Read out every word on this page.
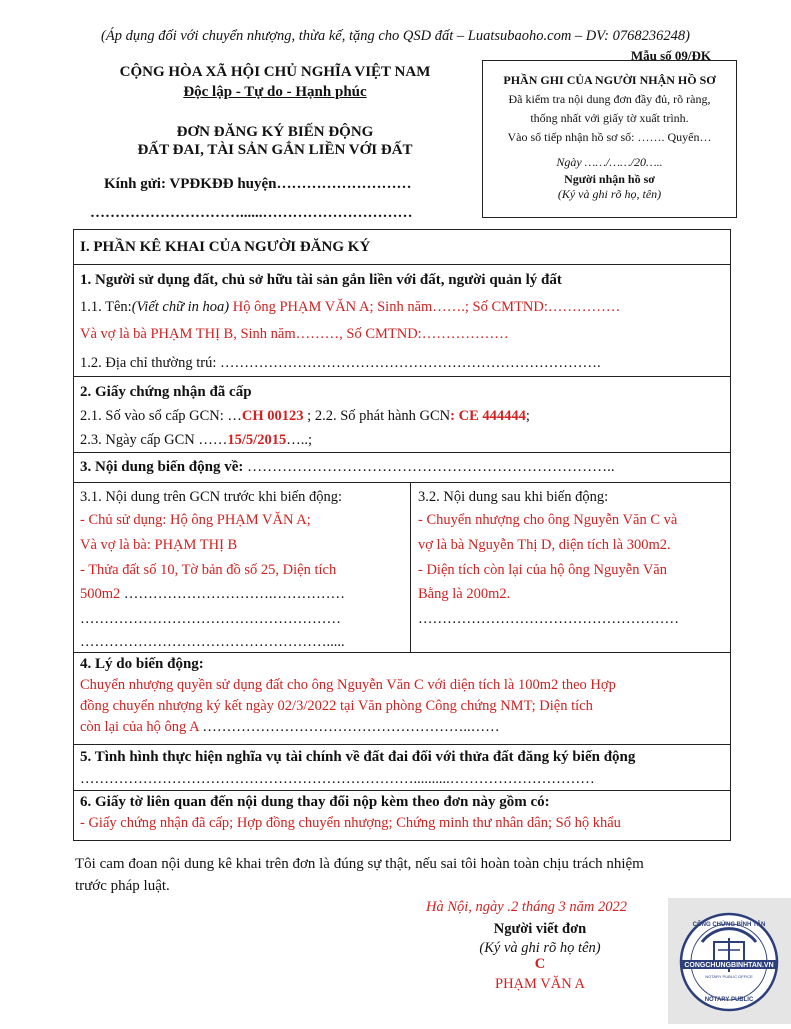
(Áp dụng đối với chuyển nhượng, thừa kế, tặng cho QSD đất – Luatsubaoho.com – DV: 0768236248)
Mẫu số 09/ĐK
CỘNG HÒA XÃ HỘI CHỦ NGHĨA VIỆT NAM
Độc lập - Tự do - Hạnh phúc
ĐƠN ĐĂNG KÝ BIẾN ĐỘNG
ĐẤT ĐAI, TÀI SẢN GẮN LIỀN VỚI ĐẤT
Kính gửi: VPĐKĐĐ huyện………………………
…………………………......…………………………
PHẦN GHI CỦA NGƯỜI NHẬN HỒ SƠ
Đã kiểm tra nội dung đơn đầy đủ, rõ ràng,
thống nhất với giấy tờ xuất trình.
Vào sổ tiếp nhận hồ sơ số: ……. Quyển…
Ngày ……/……/20…..
Người nhận hồ sơ
(Ký và ghi rõ họ, tên)
I. PHẦN KÊ KHAI CỦA NGƯỜI ĐĂNG KÝ
1. Người sử dụng đất, chủ sở hữu tài sản gắn liền với đất, người quản lý đất
1.1. Tên:(Viết chữ in hoa) Hộ ông PHẠM VĂN A; Sinh năm…….; Số CMTND:……………
Và vợ là bà PHẠM THỊ B, Sinh năm………, Số CMTND:………………
1.2. Địa chỉ thường trú: …………………………………………………………………….
2. Giấy chứng nhận đã cấp
2.1. Số vào sổ cấp GCN: …CH 00123 ; 2.2. Số phát hành GCN: CE 444444;
2.3. Ngày cấp GCN ……15/5/2015…..;
3. Nội dung biến động về: ………………………………………………………………..
3.1. Nội dung trên GCN trước khi biến động:
- Chủ sử dụng: Hộ ông PHẠM VĂN A;
Và vợ là bà: PHẠM THỊ B
- Thửa đất số 10, Tờ bản đồ số 25, Diện tích
500m2 ………………………….……………
………………………………………………
…………………………………………….....
3.2. Nội dung sau khi biến động:
- Chuyển nhượng cho ông Nguyễn Văn C và
vợ là bà Nguyễn Thị D, diện tích là 300m2.
- Diện tích còn lại của hộ ông Nguyễn Văn
Bằng là 200m2.
………………………………………………
4. Lý do biến động:
Chuyển nhượng quyền sử dụng đất cho ông Nguyễn Văn C với diện tích là 100m2 theo Hợp
đồng chuyển nhượng ký kết ngày 02/3/2022 tại Văn phòng Công chứng NMT; Diện tích
còn lại của hộ ông A ………………………………………………..……
5. Tình hình thực hiện nghĩa vụ tài chính về đất đai đối với thửa đất đăng ký biến động
……………………………………………………………..........…………………………
6. Giấy tờ liên quan đến nội dung thay đổi nộp kèm theo đơn này gồm có:
- Giấy chứng nhận đã cấp; Hợp đồng chuyển nhượng; Chứng minh thư nhân dân; Sổ hộ khẩu
Tôi cam đoan nội dung kê khai trên đơn là đúng sự thật, nếu sai tôi hoàn toàn chịu trách nhiệm
trước pháp luật.
Hà Nội, ngày .2 tháng 3 năm 2022
Người viết đơn
(Ký và ghi rõ họ tên)
C
PHẠM VĂN A
CONGCHUNGBINHTAN.VN
NOTARY PUBLIC OFFICE
CÔNG CHỨNG BÌNH TÂN
NOTARY PUBLIC
